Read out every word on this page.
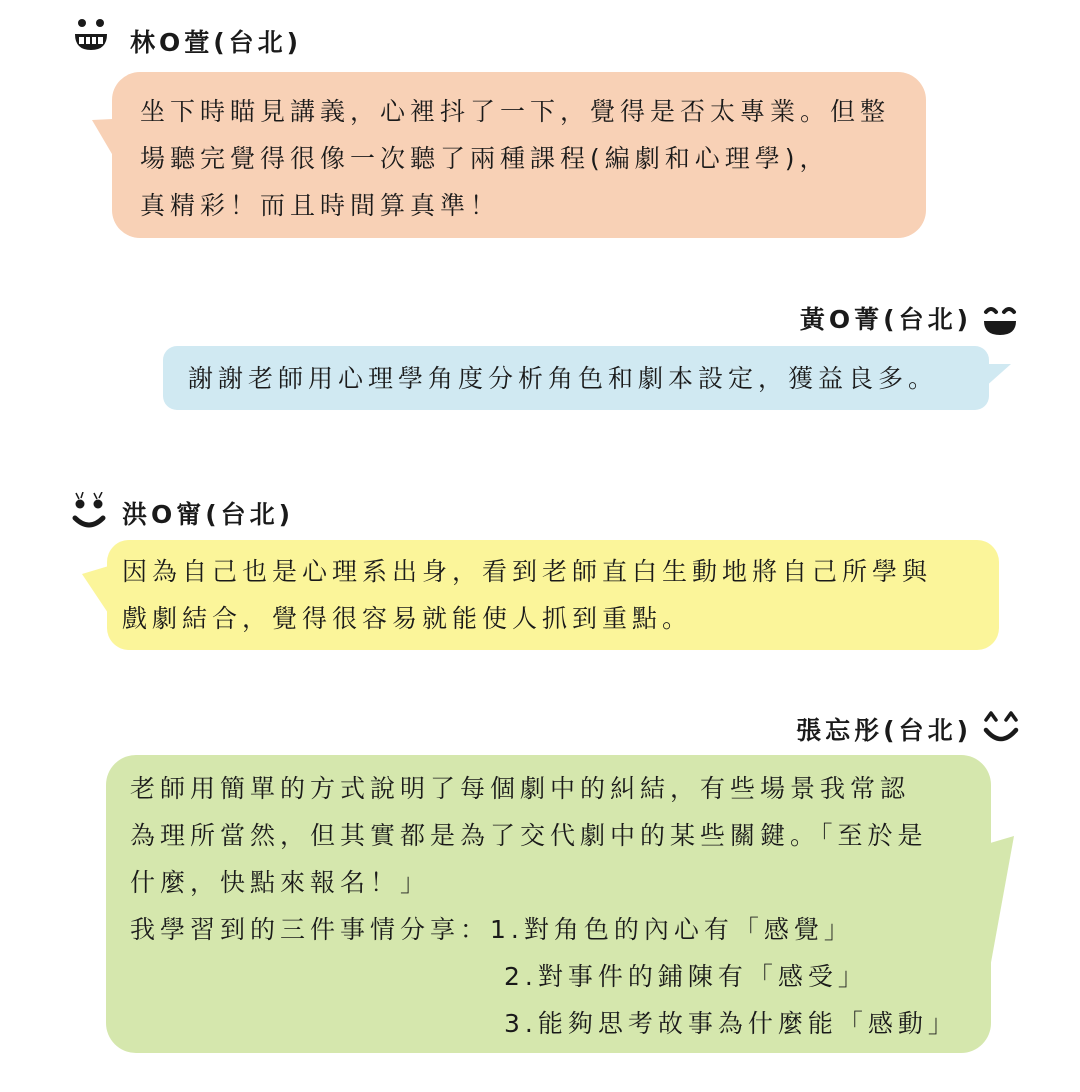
林O萱(台北)
坐下時瞄見講義，心裡抖了一下，覺得是否太專業。但整
場聽完覺得很像一次聽了兩種課程(編劇和心理學)，
真精彩！而且時間算真準！
黃O菁(台北)
謝謝老師用心理學角度分析角色和劇本設定，獲益良多。
洪O甯(台北)
因為自己也是心理系出身，看到老師直白生動地將自己所學與
戲劇結合，覺得很容易就能使人抓到重點。
張忘彤(台北)
老師用簡單的方式說明了每個劇中的糾結，有些場景我常認
為理所當然，但其實都是為了交代劇中的某些關鍵。「至於是
什麼，快點來報名！」
我學習到的三件事情分享：1.對角色的內心有「感覺」
2.對事件的鋪陳有「感受」
3.能夠思考故事為什麼能「感動」
